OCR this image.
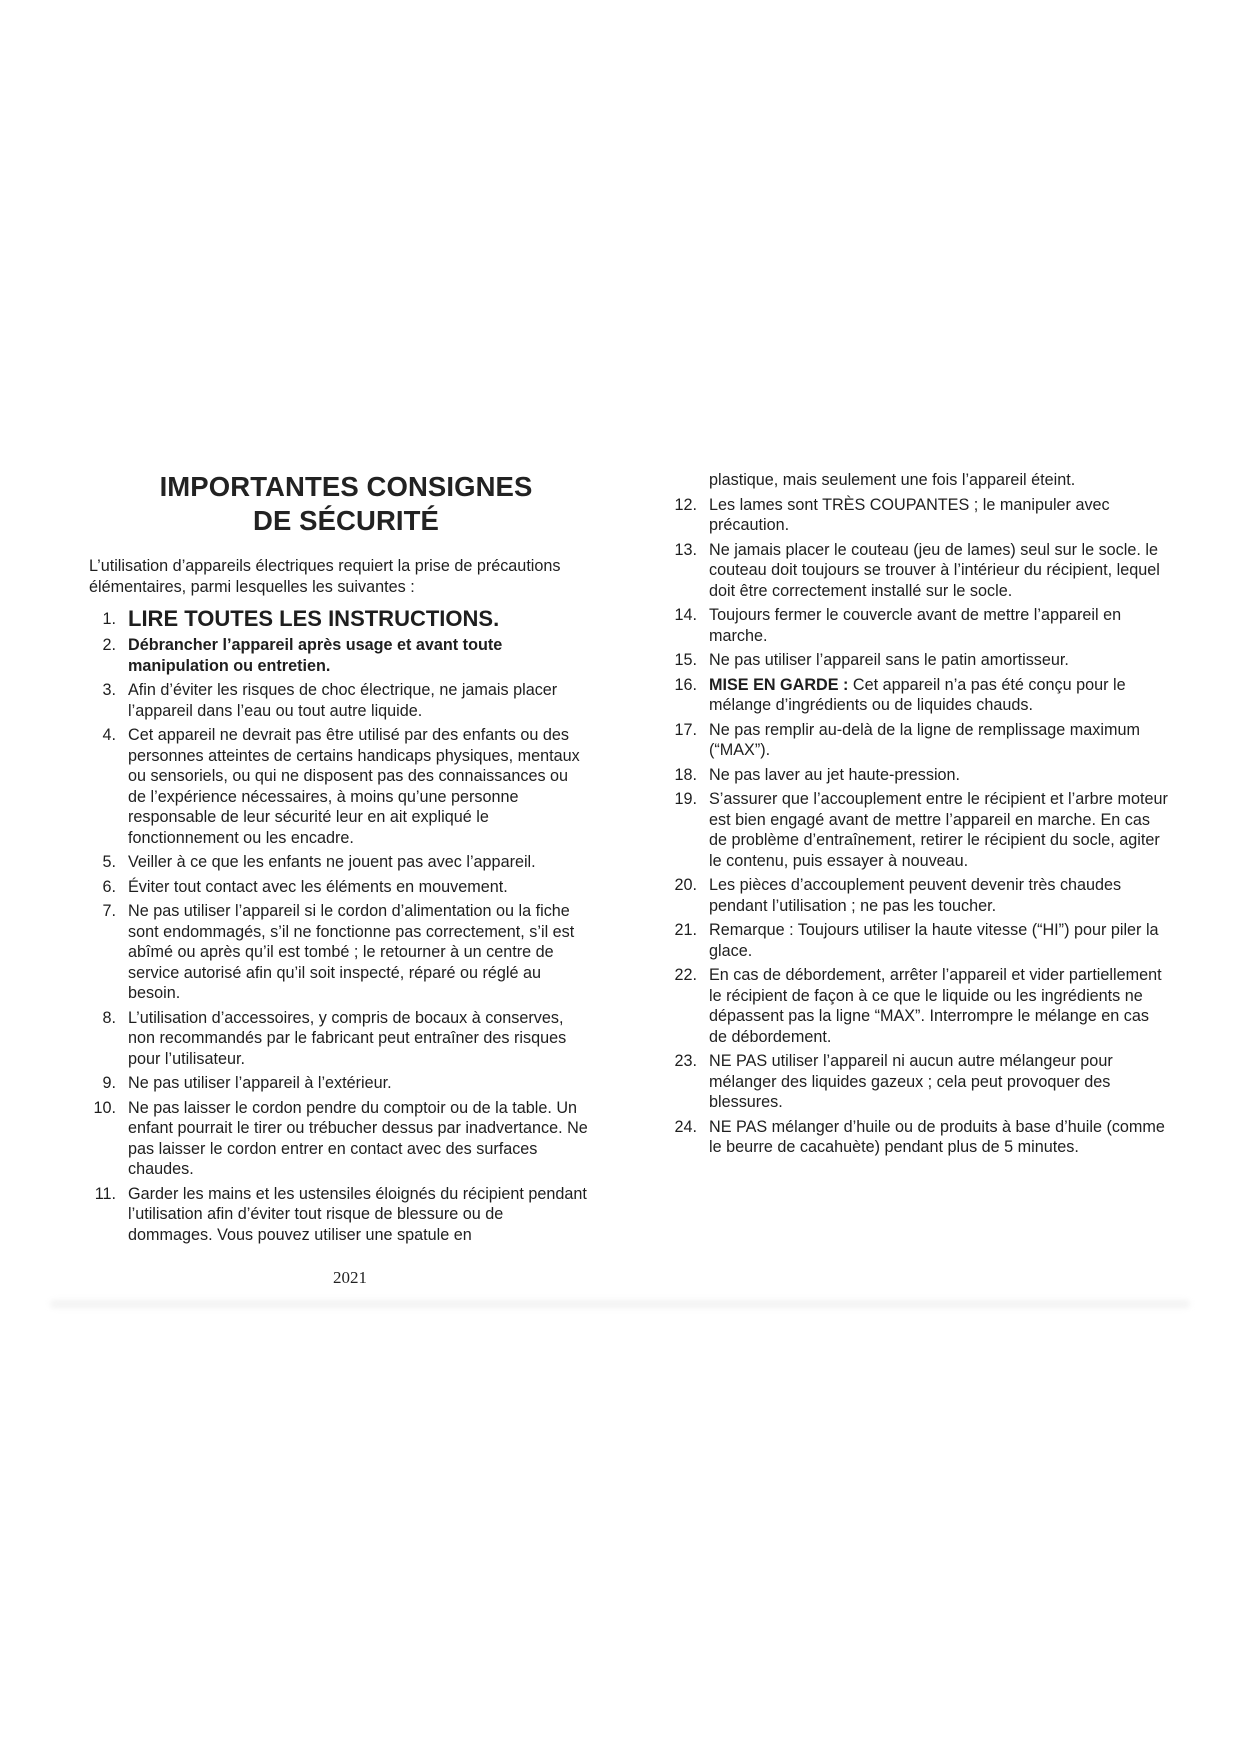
IMPORTANTES CONSIGNES
DE SÉCURITÉ

L’utilisation d’appareils électriques requiert la prise de précautions élémentaires, parmi lesquelles les suivantes :

1. LIRE TOUTES LES INSTRUCTIONS.
2. Débrancher l’appareil après usage et avant toute manipulation ou entretien.
3. Afin d’éviter les risques de choc électrique, ne jamais placer l’appareil dans l’eau ou tout autre liquide.
4. Cet appareil ne devrait pas être utilisé par des enfants ou des personnes atteintes de certains handicaps physiques, mentaux ou sensoriels, ou qui ne disposent pas des connaissances ou de l’expérience nécessaires, à moins qu’une personne responsable de leur sécurité leur en ait expliqué le fonctionnement ou les encadre.
5. Veiller à ce que les enfants ne jouent pas avec l’appareil.
6. Éviter tout contact avec les éléments en mouvement.
7. Ne pas utiliser l’appareil si le cordon d’alimentation ou la fiche sont endommagés, s’il ne fonctionne pas correctement, s’il est abîmé ou après qu’il est tombé ; le retourner à un centre de service autorisé afin qu’il soit inspecté, réparé ou réglé au besoin.
8. L’utilisation d’accessoires, y compris de bocaux à conserves, non recommandés par le fabricant peut entraîner des risques pour l’utilisateur.
9. Ne pas utiliser l’appareil à l’extérieur.
10. Ne pas laisser le cordon pendre du comptoir ou de la table. Un enfant pourrait le tirer ou trébucher dessus par inadvertance. Ne pas laisser le cordon entrer en contact avec des surfaces chaudes.
11. Garder les mains et les ustensiles éloignés du récipient pendant l’utilisation afin d’éviter tout risque de blessure ou de dommages. Vous pouvez utiliser une spatule en

plastique, mais seulement une fois l’appareil éteint.

12. Les lames sont TRÈS COUPANTES ; le manipuler avec précaution.
13. Ne jamais placer le couteau (jeu de lames) seul sur le socle. le couteau doit toujours se trouver à l’intérieur du récipient, lequel doit être correctement installé sur le socle.
14. Toujours fermer le couvercle avant de mettre l’appareil en marche.
15. Ne pas utiliser l’appareil sans le patin amortisseur.
16. MISE EN GARDE : Cet appareil n’a pas été conçu pour le mélange d’ingrédients ou de liquides chauds.
17. Ne pas remplir au-delà de la ligne de remplissage maximum (“MAX”).
18. Ne pas laver au jet haute-pression.
19. S’assurer que l’accouplement entre le récipient et l’arbre moteur est bien engagé avant de mettre l’appareil en marche. En cas de problème d’entraînement, retirer le récipient du socle, agiter le contenu, puis essayer à nouveau.
20. Les pièces d’accouplement peuvent devenir très chaudes pendant l’utilisation ; ne pas les toucher.
21. Remarque : Toujours utiliser la haute vitesse (“HI”) pour piler la glace.
22. En cas de débordement, arrêter l’appareil et vider partiellement le récipient de façon à ce que le liquide ou les ingrédients ne dépassent pas la ligne “MAX”. Interrompre le mélange en cas de débordement.
23. NE PAS utiliser l’appareil ni aucun autre mélangeur pour mélanger des liquides gazeux ; cela peut provoquer des blessures.
24. NE PAS mélanger d’huile ou de produits à base d’huile (comme le beurre de cacahuète) pendant plus de 5 minutes.
2021
